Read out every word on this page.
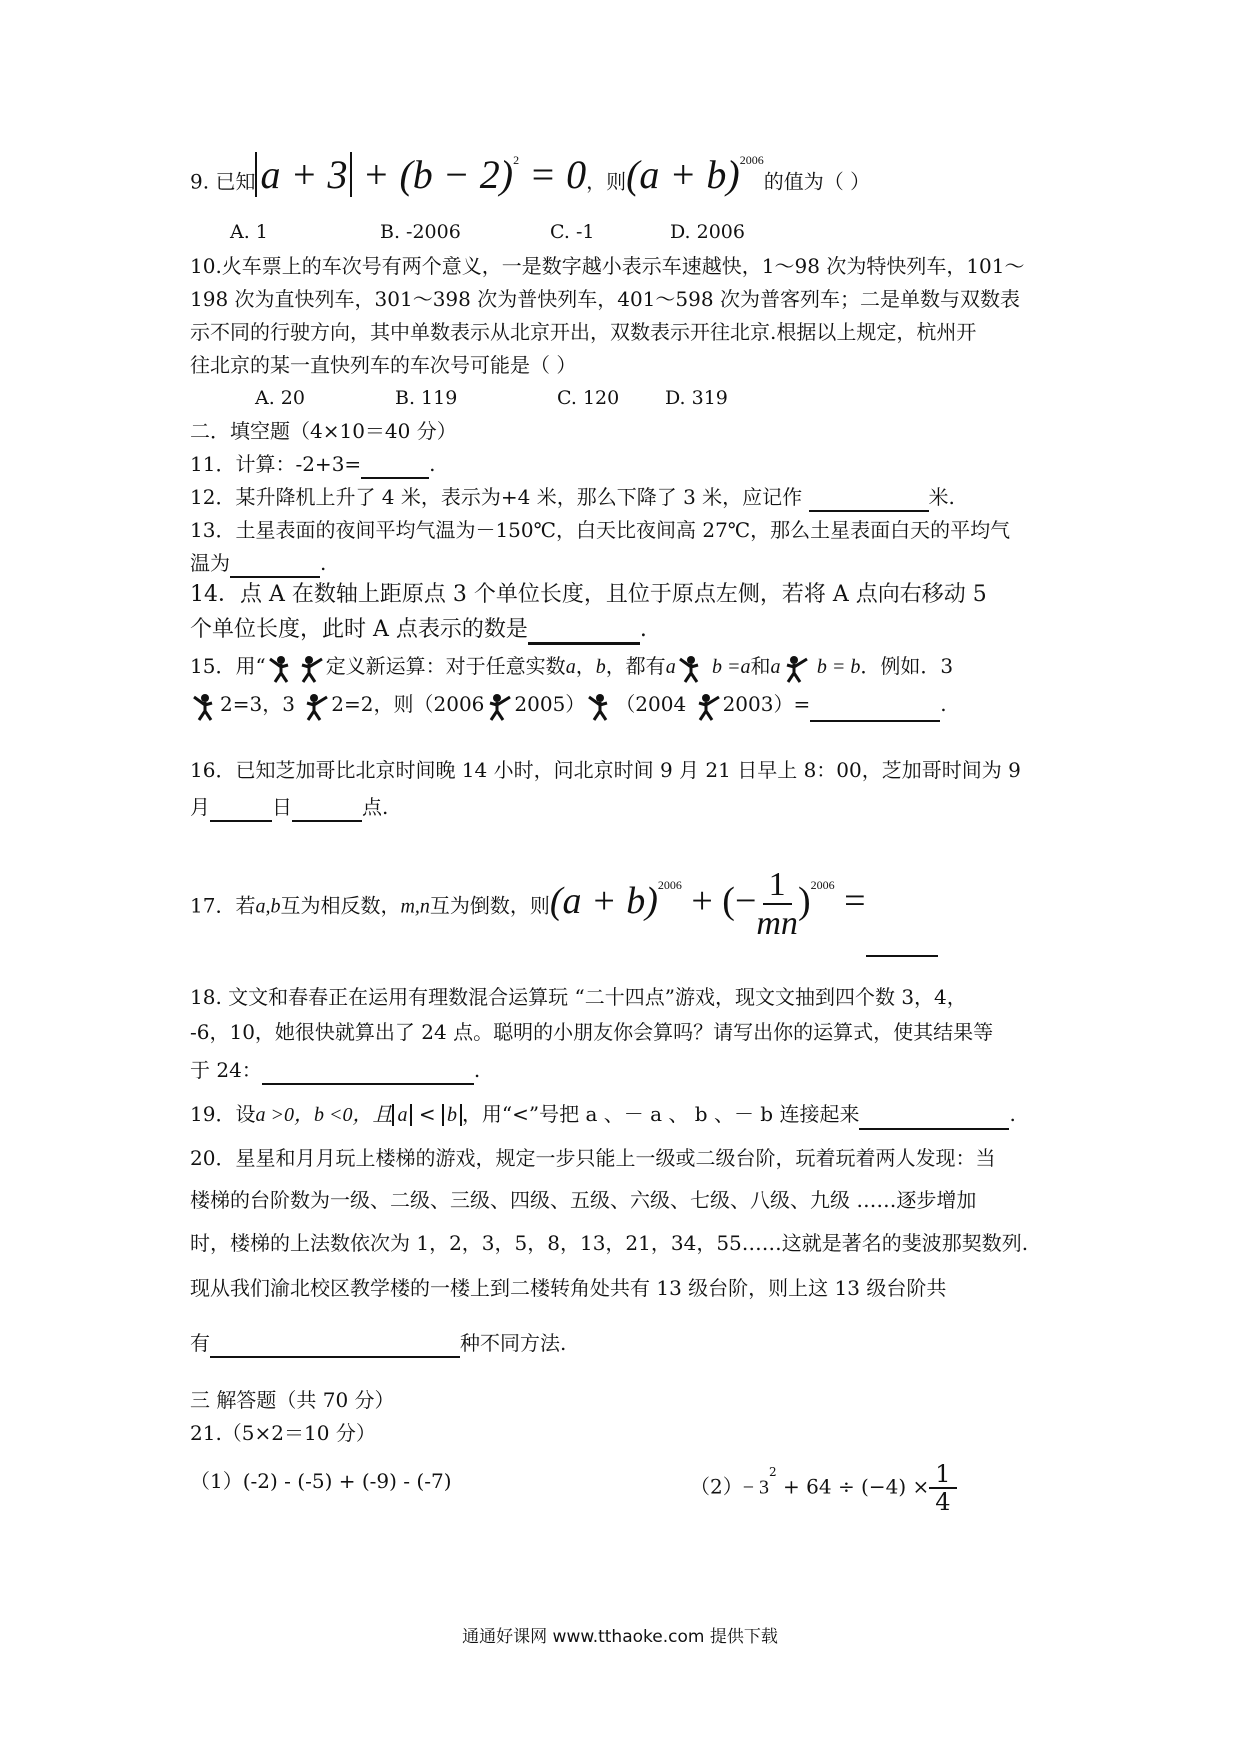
9. 已知 $a + 3 + (b - 2)^2 = 0$，则$(a + b)^{2006}$的值为（ ）
A. 1	B. -2006	C. -1	D. 2006
10.火车票上的车次号有两个意义，一是数字越小表示车速越快，1～98 次为特快列车，101～
198 次为直快列车，301～398 次为普快列车，401～598 次为普客列车；二是单数与双数表
示不同的行驶方向，其中单数表示从北京开出，双数表示开往北京.根据以上规定，杭州开
往北京的某一直快列车的车次号可能是（ ）
A. 20	B. 119	C. 120 D. 319
二．填空题（4×10＝40 分）
11．计算：-2+3=	.
12．某升降机上升了 4 米，表示为+4 米，那么下降了 3 米，应记作	米.
13．土星表面的夜间平均气温为－150℃，白天比夜间高 27℃，那么土星表面白天的平均气
温为	.
14．点 A 在数轴上距原点 3 个单位长度，且位于原点左侧，若将 A 点向右移动 5
个单位长度，此时 A 点表示的数是	.
15．用“	定义新运算：对于任意实数a，b，都有a b =a和a b = b．例如．3
2=3，3 2=2，则（2006 2005） （2004 2003）=	.
16．已知芝加哥比北京时间晚 14 小时，问北京时间 9 月 21 日早上 8：00，芝加哥时间为 9
月	日	点.
17．若a,b互为相反数，m,n互为倒数，则$(a + b)^{2006}$ + (− $\frac{1}{mn} )^{2006}$ =
18. 文文和春春正在运用有理数混合运算玩 “二十四点”游戏，现文文抽到四个数 3，4，
-6，10，她很快就算出了 24 点。聪明的小朋友你会算吗？请写出你的运算式，使其结果等
于 24：	.
19．设a >0，b <0，且 a < b ，用“<”号把 a 、－ a 、 b 、－ b 连接起来	.
20．星星和月月玩上楼梯的游戏，规定一步只能上一级或二级台阶，玩着玩着两人发现：当
楼梯的台阶数为一级、二级、三级、四级、五级、六级、七级、八级、九级 ……逐步增加
时，楼梯的上法数依次为 1，2，3，5，8，13，21，34，55……这就是著名的斐波那契数列.
现从我们渝北校区教学楼的一楼上到二楼转角处共有 13 级台阶，则上这 13 级台阶共
有	种不同方法.
三 解答题（共 70 分）
21.（5×2＝10 分）
（1）(-2) - (-5) + (-9) - (-7)	$(2)- 3^2 + 64 \div (-4) \times \frac{1}{4}$
通通好课网 www.tthaoke.com 提供下载
